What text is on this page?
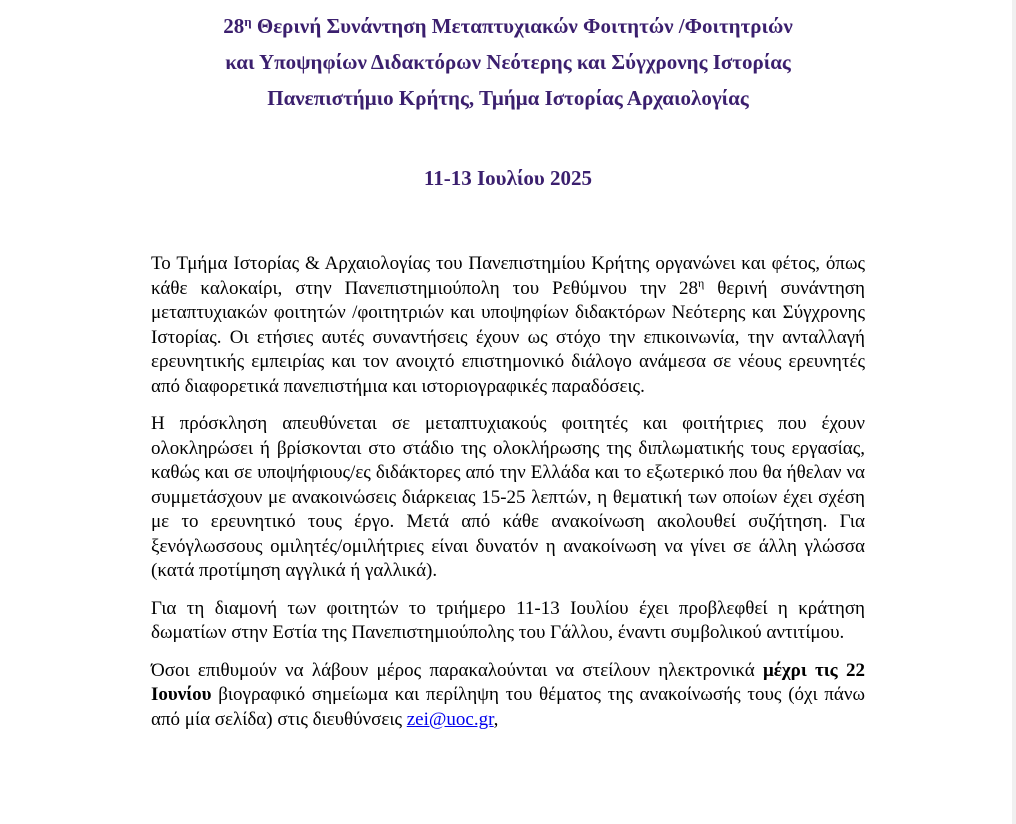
$28^\eta$ Θερινή Συνάντηση Μεταπτυχιακών Φοιτητών /Φοιτητριών
και Υποψηφίων Διδακτόρων Νεότερης και Σύγχρονης Ιστορίας
Πανεπιστήμιο Κρήτης, Τμήμα Ιστορίας Αρχαιολογίας
11-13 Ιουλίου 2025

Το Τμήμα Ιστορίας & Αρχαιολογίας του Πανεπιστημίου Κρήτης οργανώνει και φέτος, όπως κάθε καλοκαίρι, στην Πανεπιστημιούπολη του Ρεθύμνου την $28^\eta$ θερινή συνάντηση μεταπτυχιακών φοιτητών /φοιτητριών και υποψηφίων διδακτόρων Νεότερης και Σύγχρονης Ιστορίας. Οι ετήσιες αυτές συναντήσεις έχουν ως στόχο την επικοινωνία, την ανταλλαγή ερευνητικής εμπειρίας και τον ανοιχτό επιστημονικό διάλογο ανάμεσα σε νέους ερευνητές από διαφορετικά πανεπιστήμια και ιστοριογραφικές παραδόσεις.

Η πρόσκληση απευθύνεται σε μεταπτυχιακούς φοιτητές και φοιτήτριες που έχουν ολοκληρώσει ή βρίσκονται στο στάδιο της ολοκλήρωσης της διπλωματικής τους εργασίας, καθώς και σε υποψήφιους/ες διδάκτορες από την Ελλάδα και το εξωτερικό που θα ήθελαν να συμμετάσχουν με ανακοινώσεις διάρκειας 15-25 λεπτών, η θεματική των οποίων έχει σχέση με το ερευνητικό τους έργο. Μετά από κάθε ανακοίνωση ακολουθεί συζήτηση. Για ξενόγλωσσους ομιλητές/ομιλήτριες είναι δυνατόν η ανακοίνωση να γίνει σε άλλη γλώσσα (κατά προτίμηση αγγλικά ή γαλλικά).

Για τη διαμονή των φοιτητών το τριήμερο 11-13 Ιουλίου έχει προβλεφθεί η κράτηση δωματίων στην Εστία της Πανεπιστημιούπολης του Γάλλου, έναντι συμβολικού αντιτίμου.

Όσοι επιθυμούν να λάβουν μέρος παρακαλούνται να στείλουν ηλεκτρονικά μέχρι τις 22 Ιουνίου βιογραφικό σημείωμα και περίληψη του θέματος της ανακοίνωσής τους (όχι πάνω από μία σελίδα) στις διευθύνσεις zei@uoc.gr,
